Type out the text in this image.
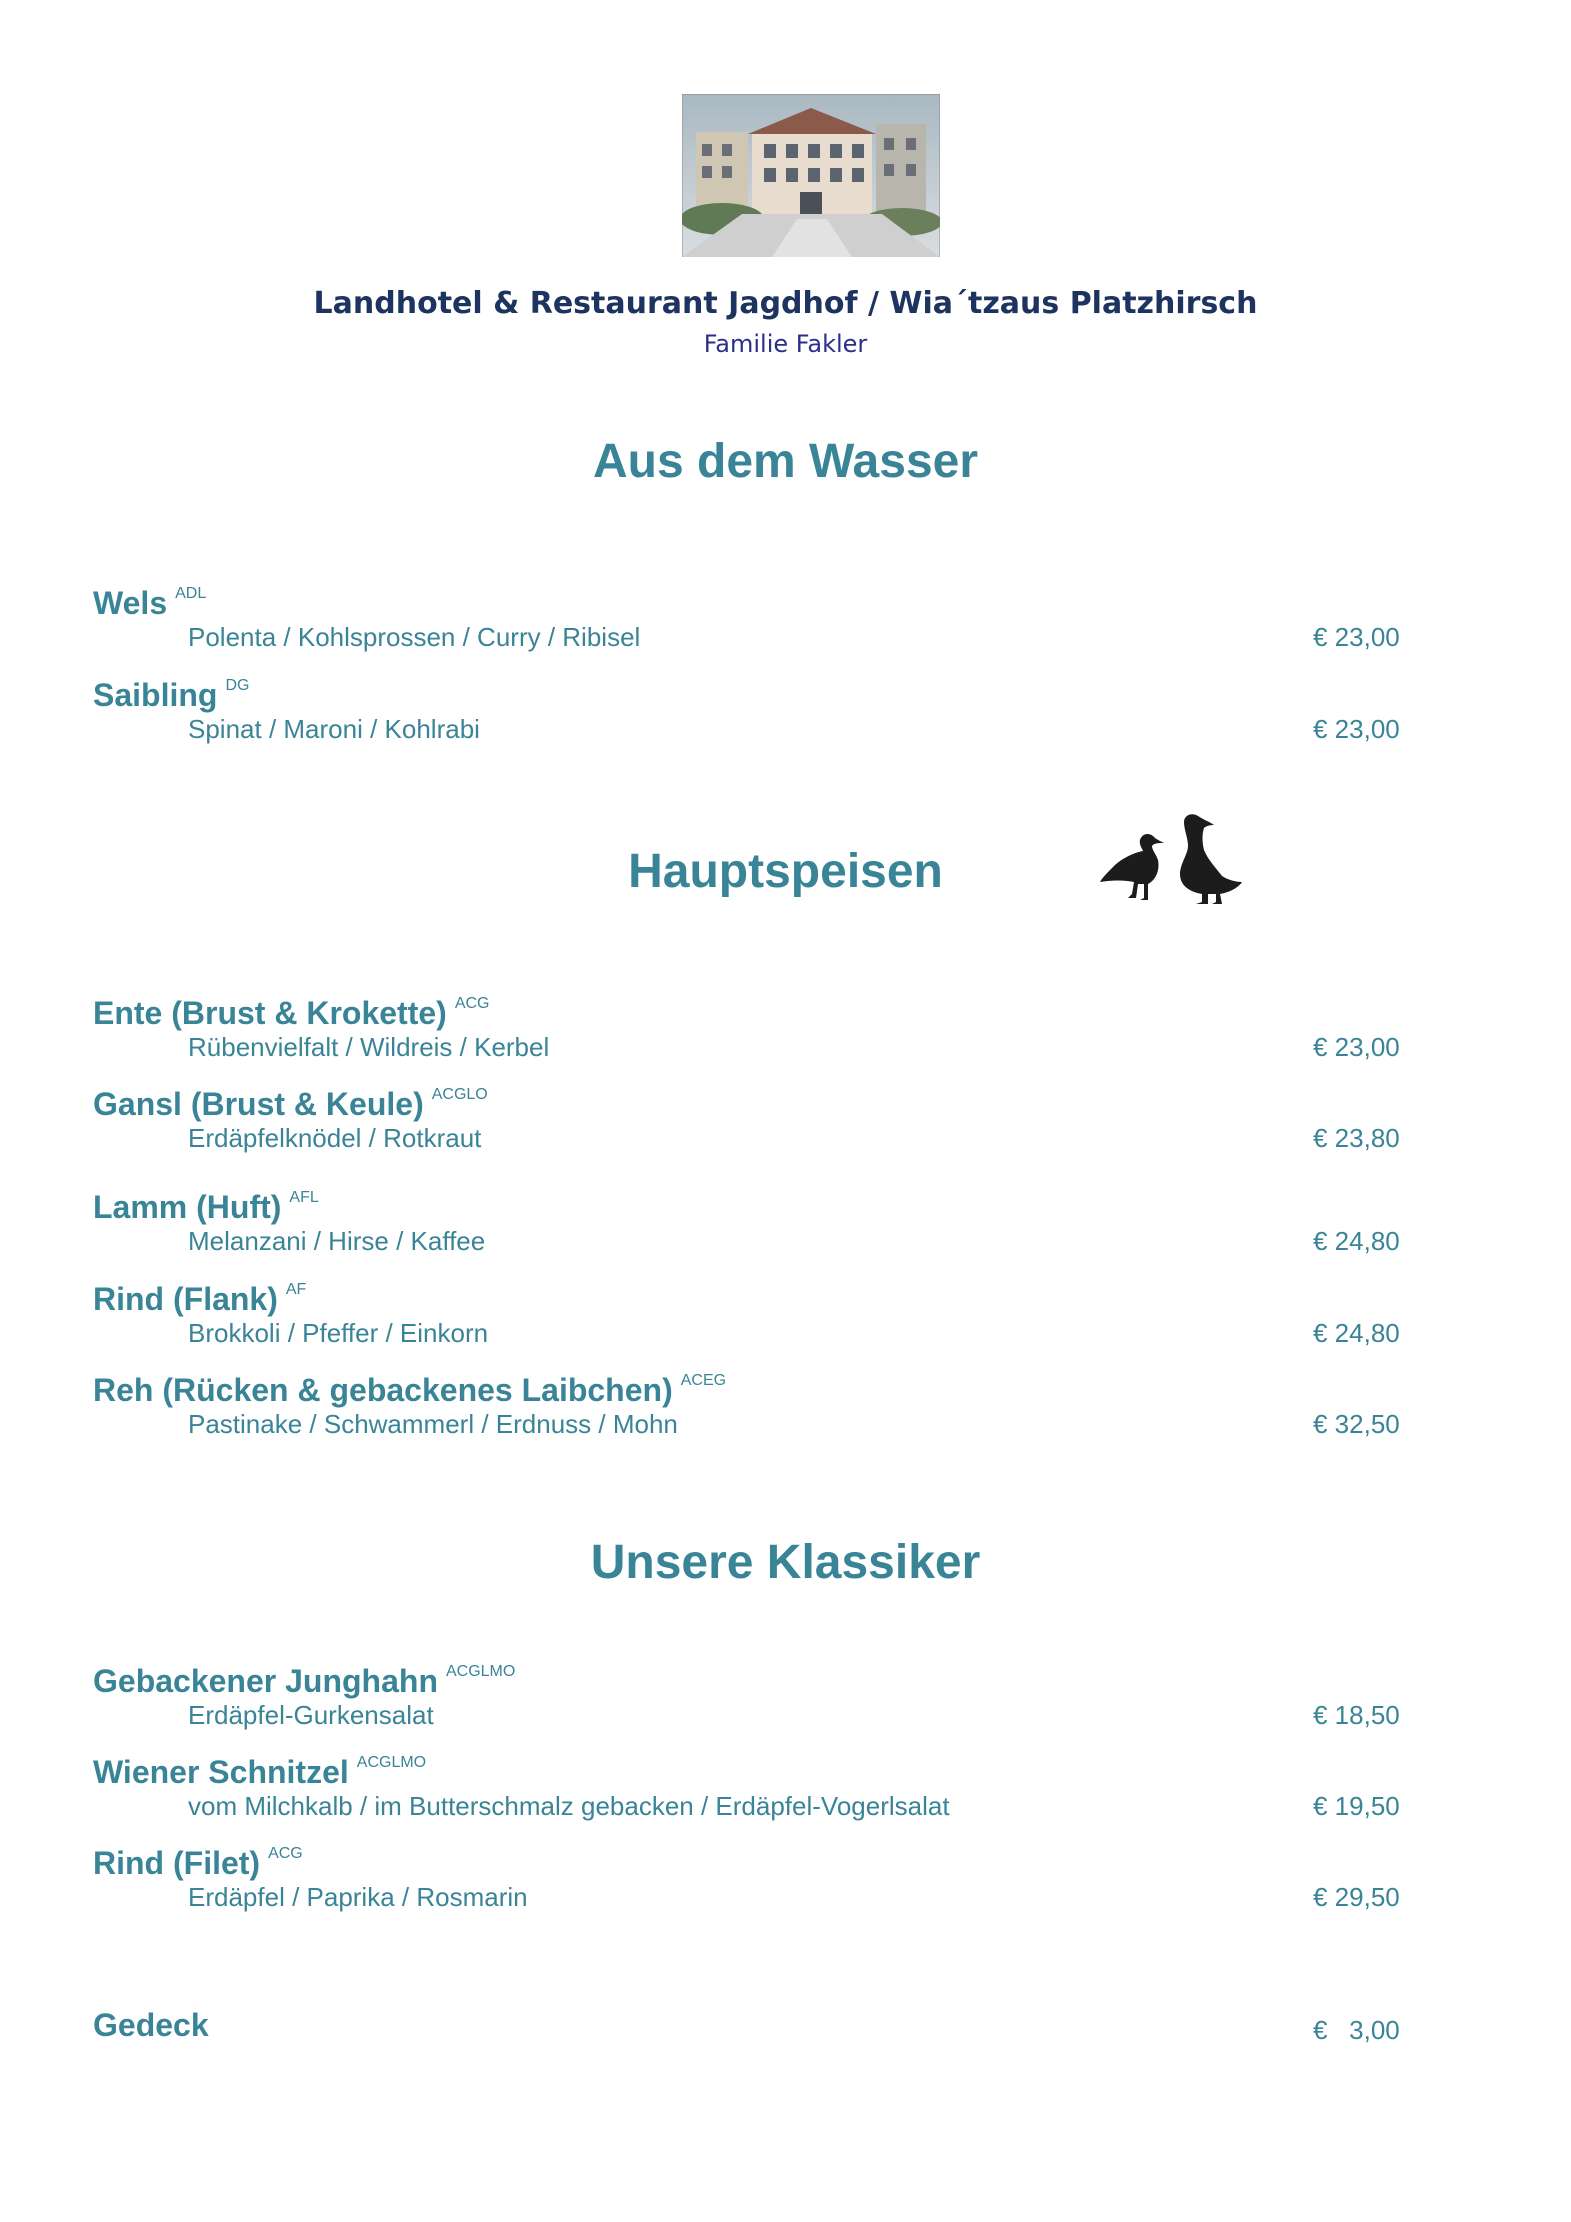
Landhotel & Restaurant Jagdhof / Wia´tzaus Platzhirsch
Familie Fakler
Aus dem Wasser
Wels $^{ADL}$
Polenta / Kohlsprossen / Curry / Ribisel	€ 23,00
Saibling $^{DG}$
Spinat / Maroni / Kohlrabi	€ 23,00
Hauptspeisen
Ente (Brust & Krokette) $^{ACG}$
Rübenvielfalt / Wildreis / Kerbel	€ 23,00
Gansl (Brust & Keule) $^{ACGLO}$
Erdäpfelknödel / Rotkraut	€ 23,80
Lamm (Huft) $^{AFL}$
Melanzani / Hirse / Kaffee	€ 24,80
Rind (Flank) $^{AF}$
Brokkoli / Pfeffer / Einkorn	€ 24,80
Reh (Rücken & gebackenes Laibchen) $^{ACEG}$
Pastinake / Schwammerl / Erdnuss / Mohn	€ 32,50
Unsere Klassiker
Gebackener Junghahn $^{ACGLMO}$
Erdäpfel-Gurkensalat	€ 18,50
Wiener Schnitzel $^{ACGLMO}$
vom Milchkalb / im Butterschmalz gebacken / Erdäpfel-Vogerlsalat	€ 19,50
Rind (Filet) $^{ACG}$
Erdäpfel / Paprika / Rosmarin	€ 29,50
Gedeck	€   3,00
